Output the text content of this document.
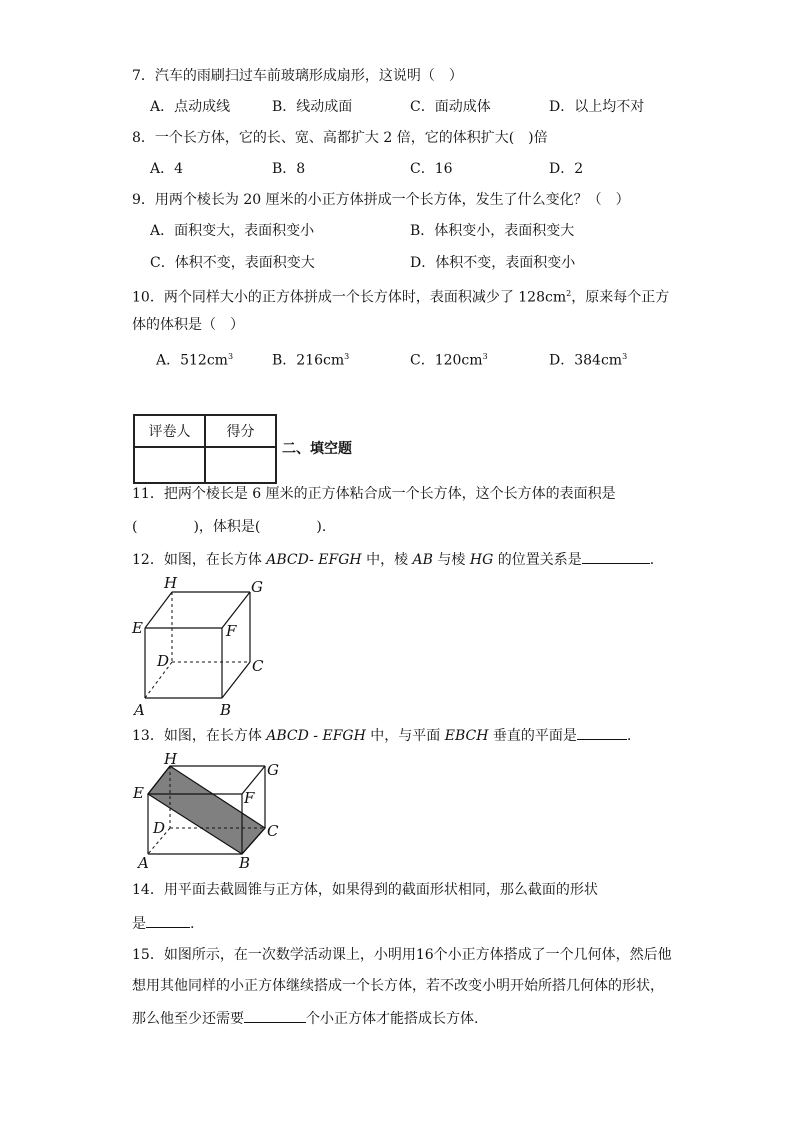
7．汽车的雨刷扫过车前玻璃形成扇形，这说明（　）
A．点动成线	B．线动成面	C．面动成体	D．以上均不对
8．一个长方体，它的长、宽、高都扩大 2 倍，它的体积扩大(　)倍
A．4	B．8	C．16	D．2
9．用两个棱长为 20 厘米的小正方体拼成一个长方体，发生了什么变化？（　）
A．面积变大，表面积变小	B．体积变小，表面积变大
C．体积不变，表面积变大	D．体积不变，表面积变小
10．两个同样大小的正方体拼成一个长方体时，表面积减少了 $128cm^2$，原来每个正方
体的体积是（　）
A．$512cm^3$	B．$216cm^3$	C．$120cm^3$	D．$384cm^3$
评卷人	得分

二、填空题
11．把两个棱长是 6 厘米的正方体粘合成一个长方体，这个长方体的表面积是
(　　　　)，体积是(　　　　).
12．如图，在长方体 ABCD- EFGH 中，棱 AB 与棱 HG 的位置关系是	.
H	G
E	F
D	C
A	B
13．如图，在长方体 ABCD - EFGH 中，与平面 EBCH 垂直的平面是	.
H
G
E	F
D	C
A	B
14．用平面去截圆锥与正方体，如果得到的截面形状相同，那么截面的形状
是	.
15．如图所示，在一次数学活动课上，小明用16个小正方体搭成了一个几何体，然后他
想用其他同样的小正方体继续搭成一个长方体，若不改变小明开始所搭几何体的形状，
那么他至少还需要	个小正方体才能搭成长方体.
